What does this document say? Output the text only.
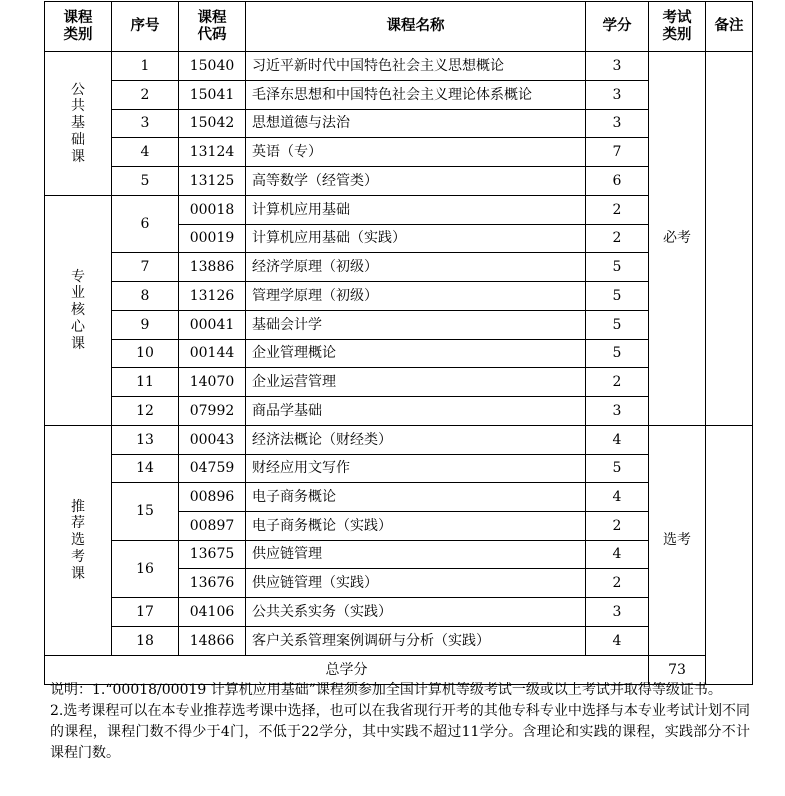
课程类别	序号	课程代码	课程名称	学分	考试类别	备注	
公共基础课	1	15040	习近平新时代中国特色社会主义思想概论	3	必考		
	2	15041	毛泽东思想和中国特色社会主义理论体系概论	3			
	3	15042	思想道德与法治	3			
	4	13124	英语（专）	7			
	5	13125	高等数学（经管类）	6			
专业核心课	6	00018	计算机应用基础	2			
		00019	计算机应用基础（实践）	2			
	7	13886	经济学原理（初级）	5			
	8	13126	管理学原理（初级）	5			
	9	00041	基础会计学	5			
	10	00144	企业管理概论	5			
	11	14070	企业运营管理	2			
	12	07992	商品学基础	3			
推荐选考课	13	00043	经济法概论（财经类）	4	选考		
	14	04759	财经应用文写作	5			
	15	00896	电子商务概论	4			
		00897	电子商务概论（实践）	2			
	16	13675	供应链管理	4			
		13676	供应链管理（实践）	2			
	17	04106	公共关系实务（实践）	3			
	18	14866	客户关系管理案例调研与分析（实践）	4			
总学分					73		

说明：1.“00018/00019 计算机应用基础”课程须参加全国计算机等级考试一级或以上考试并取得等级证书。

2.选考课程可以在本专业推荐选考课中选择，也可以在我省现行开考的其他专科专业中选择与本专业考试计划不同的课程，课程门数不得少于4门，不低于22学分，其中实践不超过11学分。含理论和实践的课程，实践部分不计课程门数。
